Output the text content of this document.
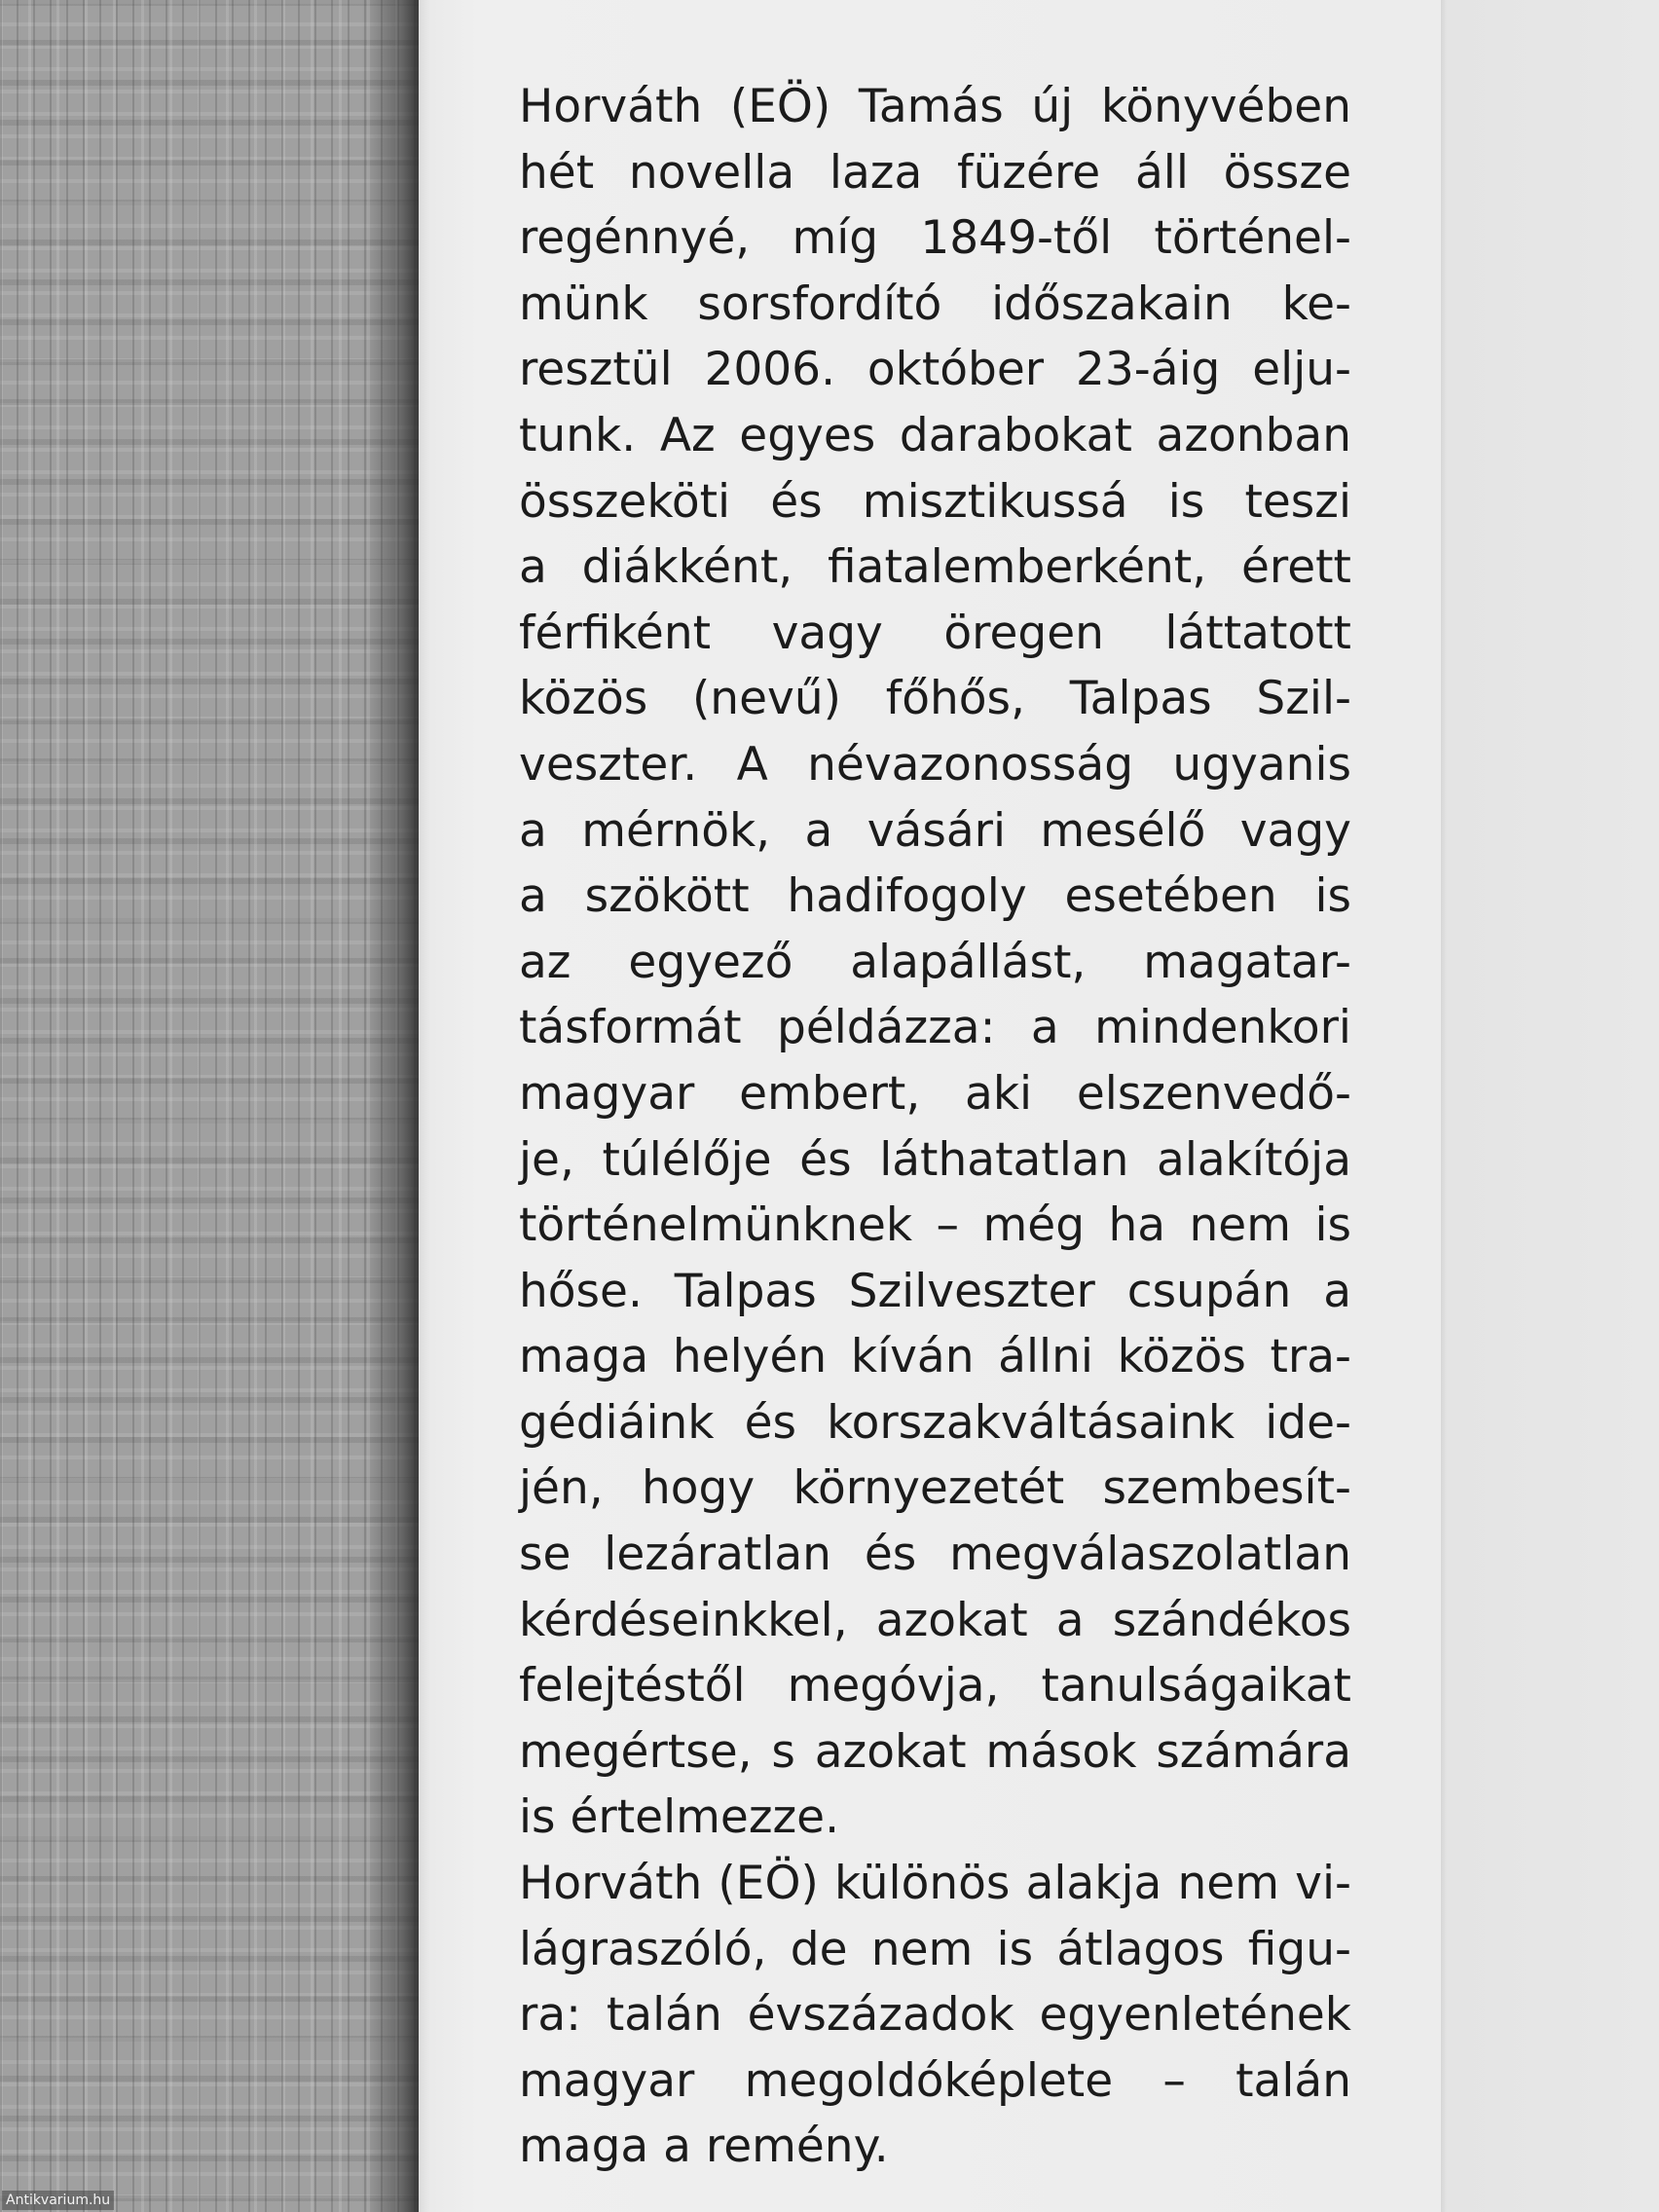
Horváth (EÖ) Tamás új könyvében
hét novella laza füzére áll össze
regénnyé, míg 1849-től történel-
münk sorsfordító időszakain ke-
resztül 2006. október 23-áig elju-
tunk. Az egyes darabokat azonban
összeköti és misztikussá is teszi
a diákként, fiatalemberként, érett
férfiként vagy öregen láttatott
közös (nevű) főhős, Talpas Szil-
veszter. A névazonosság ugyanis
a mérnök, a vásári mesélő vagy
a szökött hadifogoly esetében is
az egyező alapállást, magatar-
tásformát példázza: a mindenkori
magyar embert, aki elszenvedő-
je, túlélője és láthatatlan alakítója
történelmünknek – még ha nem is
hőse. Talpas Szilveszter csupán a
maga helyén kíván állni közös tra-
gédiáink és korszakváltásaink ide-
jén, hogy környezetét szembesít-
se lezáratlan és megválaszolatlan
kérdéseinkkel, azokat a szándékos
felejtéstől megóvja, tanulságaikat
megértse, s azokat mások számára
is értelmezze.
Horváth (EÖ) különös alakja nem vi-
lágraszóló, de nem is átlagos figu-
ra: talán évszázadok egyenletének
magyar megoldóképlete – talán
maga a remény.
Antikvarium.hu
